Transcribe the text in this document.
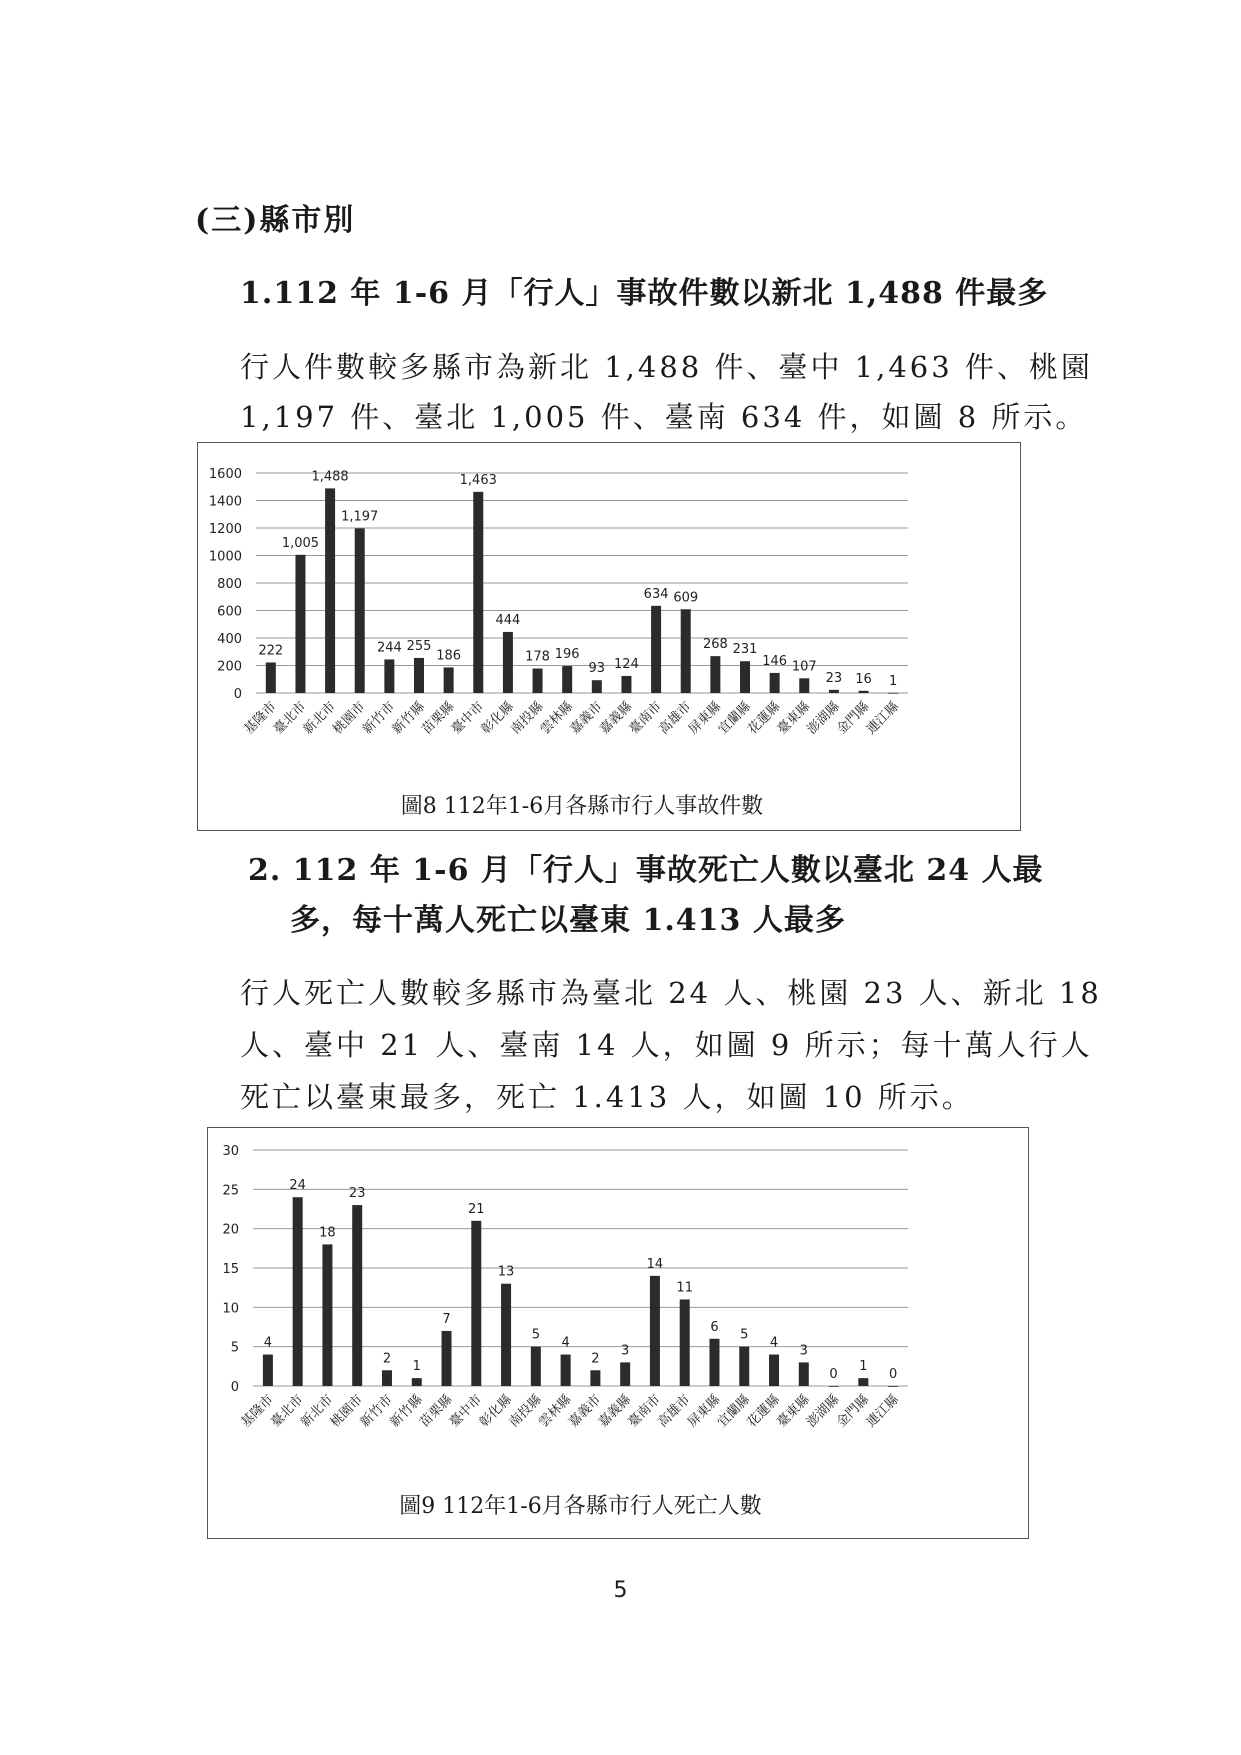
(三)縣市別
1.112 年 1-6 月「行人」事故件數以新北 1,488 件最多
行人件數較多縣市為新北 1,488 件、臺中 1,463 件、桃園
1,197 件、臺北 1,005 件、臺南 634 件，如圖 8 所示。
0
200
400
600
800
1000
1200
1400
1600
222
基隆市
1,005
臺北市
1,488
新北市
1,197
桃園市
244
新竹市
255
新竹縣
186
苗栗縣
1,463
臺中市
444
彰化縣
178
南投縣
196
雲林縣
93
嘉義市
124
嘉義縣
634
臺南市
609
高雄市
268
屏東縣
231
宜蘭縣
146
花蓮縣
107
臺東縣
23
澎湖縣
16
金門縣
1
連江縣
圖8 112年1-6月各縣市行人事故件數
2. 112 年 1-6 月「行人」事故死亡人數以臺北 24 人最
多，每十萬人死亡以臺東 1.413 人最多
行人死亡人數較多縣市為臺北 24 人、桃園 23 人、新北 18
人、臺中 21 人、臺南 14 人，如圖 9 所示；每十萬人行人
死亡以臺東最多，死亡 1.413 人，如圖 10 所示。
0
5
10
15
20
25
30
4
基隆市
24
臺北市
18
新北市
23
桃園市
2
新竹市
1
新竹縣
7
苗栗縣
21
臺中市
13
彰化縣
5
南投縣
4
雲林縣
2
嘉義市
3
嘉義縣
14
臺南市
11
高雄市
6
屏東縣
5
宜蘭縣
4
花蓮縣
3
臺東縣
0
澎湖縣
1
金門縣
0
連江縣
圖9 112年1-6月各縣市行人死亡人數
5
